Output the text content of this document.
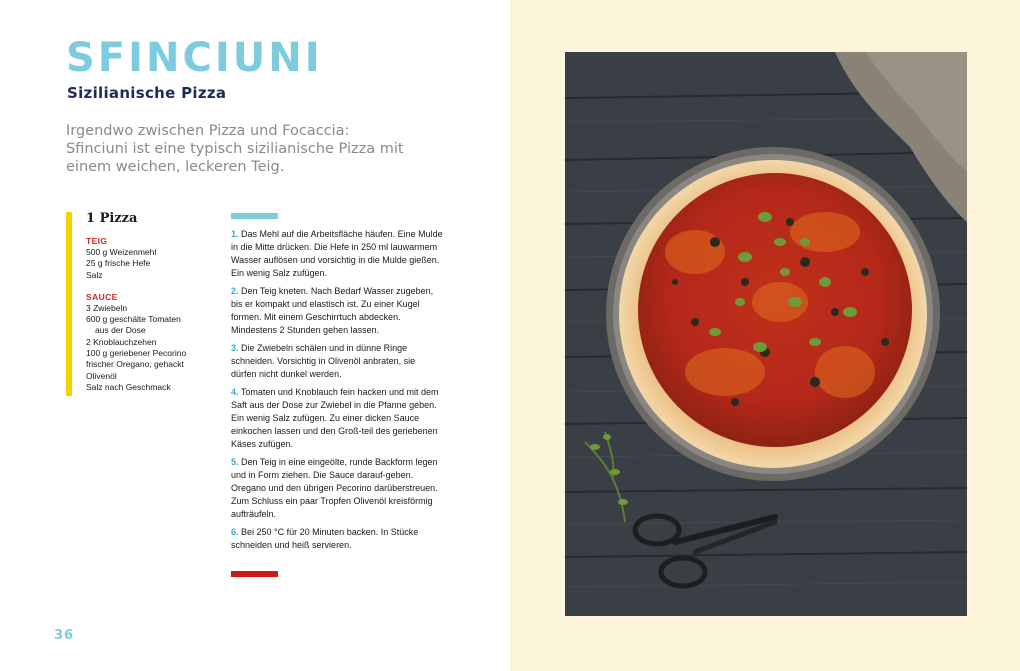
SFINCIUNI
Sizilianische Pizza

Irgendwo zwischen Pizza und Focaccia: Sfinciuni ist eine typisch sizilianische Pizza mit einem weichen, leckeren Teig.

1 Pizza
TEIG
500 g Weizenmehl
25 g frische Hefe
Salz
SAUCE
3 Zwiebeln
600 g geschälte Tomaten
aus der Dose
2 Knoblauchzehen
100 g geriebener Pecorino
frischer Oregano, gehackt
Olivenöl
Salz nach Geschmack

1. Das Mehl auf die Arbeitsfläche häufen. Eine Mulde in die Mitte drücken. Die Hefe in 250 ml lauwarmem Wasser auflösen und vorsichtig in die Mulde gießen. Ein wenig Salz zufügen.

2. Den Teig kneten. Nach Bedarf Wasser zugeben, bis er kompakt und elastisch ist. Zu einer Kugel formen. Mit einem Geschirrtuch abdecken. Mindestens 2 Stunden gehen lassen.

3. Die Zwiebeln schälen und in dünne Ringe schneiden. Vorsichtig in Olivenöl anbraten, sie dürfen nicht dunkel werden.

4. Tomaten und Knoblauch fein hacken und mit dem Saft aus der Dose zur Zwiebel in die Pfanne geben. Ein wenig Salz zufügen. Zu einer dicken Sauce einkochen lassen und den Groß-teil des geriebenen Käses zufügen.

5. Den Teig in eine eingeölte, runde Backform legen und in Form ziehen. Die Sauce darauf-geben. Oregano und den übrigen Pecorino darüberstreuen. Zum Schluss ein paar Tropfen Olivenöl kreisförmig aufträufeln.

6. Bei 250 °C für 20 Minuten backen. In Stücke schneiden und heiß servieren.

36
